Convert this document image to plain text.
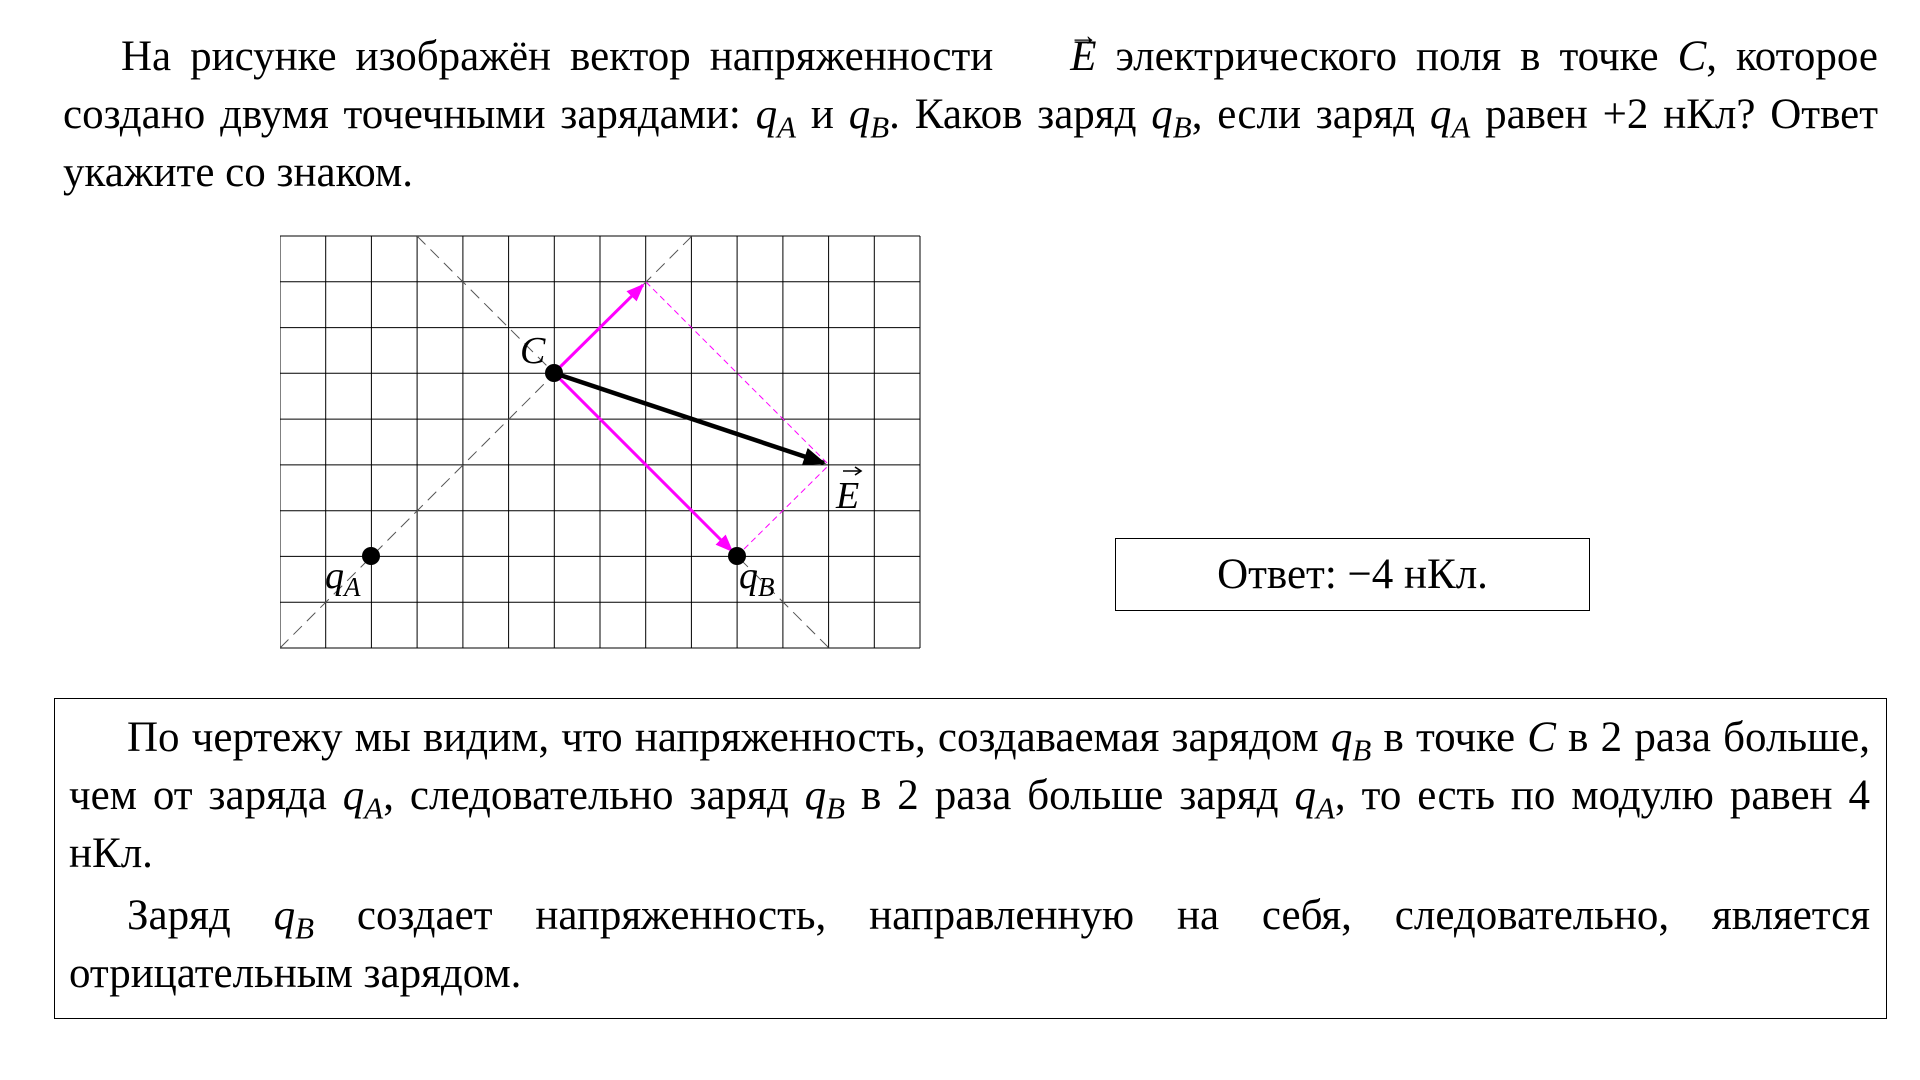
На рисунке изображён вектор напряженности → E электрического поля в точке C, которое создано двумя точечными зарядами: $q_A$ и $q_B$. Каков заряд $q_B$, если заряд $q_A$ равен +2 нКл? Ответ укажите со знаком.

C
E
$q_A$	$q_B$	Ответ: −4 нКл.

По чертежу мы видим, что напряженность, создаваемая зарядом $q_B$ в точке C в 2 раза больше, чем от заряда $q_A$, следовательно заряд $q_B$ в 2 раза больше заряд $q_A$, то есть по модулю равен 4 нКл.

Заряд $q_B$ создает напряженность, направленную на себя, следовательно, является отрицательным зарядом.
